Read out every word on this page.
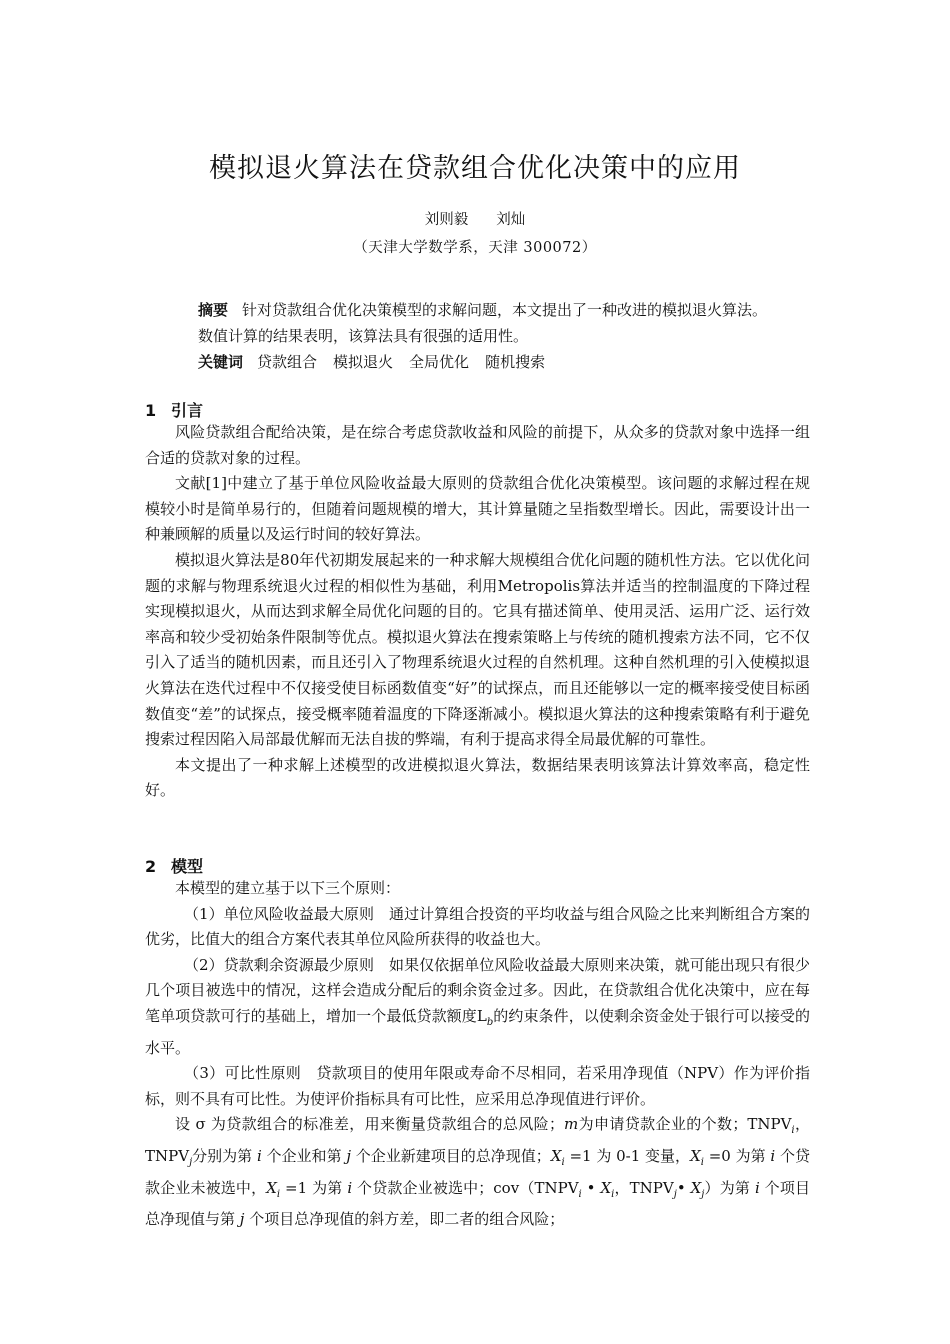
模拟退火算法在贷款组合优化决策中的应用
刘则毅 刘灿
（天津大学数学系，天津 300072）
摘要 针对贷款组合优化决策模型的求解问题，本文提出了一种改进的模拟退火算法。数值计算的结果表明，该算法具有很强的适用性。
关键词 贷款组合 模拟退火 全局优化 随机搜索
1 引言

风险贷款组合配给决策，是在综合考虑贷款收益和风险的前提下，从众多的贷款对象中选择一组合适的贷款对象的过程。

文献[1]中建立了基于单位风险收益最大原则的贷款组合优化决策模型。该问题的求解过程在规模较小时是简单易行的，但随着问题规模的增大，其计算量随之呈指数型增长。因此，需要设计出一种兼顾解的质量以及运行时间的较好算法。

模拟退火算法是80年代初期发展起来的一种求解大规模组合优化问题的随机性方法。它以优化问题的求解与物理系统退火过程的相似性为基础，利用Metropolis算法并适当的控制温度的下降过程实现模拟退火，从而达到求解全局优化问题的目的。它具有描述简单、使用灵活、运用广泛、运行效率高和较少受初始条件限制等优点。模拟退火算法在搜索策略上与传统的随机搜索方法不同，它不仅引入了适当的随机因素，而且还引入了物理系统退火过程的自然机理。这种自然机理的引入使模拟退火算法在迭代过程中不仅接受使目标函数值变“好”的试探点，而且还能够以一定的概率接受使目标函数值变“差”的试探点，接受概率随着温度的下降逐渐减小。模拟退火算法的这种搜索策略有利于避免搜索过程因陷入局部最优解而无法自拔的弊端，有利于提高求得全局最优解的可靠性。

本文提出了一种求解上述模型的改进模拟退火算法，数据结果表明该算法计算效率高，稳定性好。

2 模型

本模型的建立基于以下三个原则：

（1）单位风险收益最大原则　通过计算组合投资的平均收益与组合风险之比来判断组合方案的优劣，比值大的组合方案代表其单位风险所获得的收益也大。

（2）贷款剩余资源最少原则　如果仅依据单位风险收益最大原则来决策，就可能出现只有很少几个项目被选中的情况，这样会造成分配后的剩余资金过多。因此，在贷款组合优化决策中，应在每笔单项贷款可行的基础上，增加一个最低贷款额度$L_b$的约束条件，以使剩余资金处于银行可以接受的水平。

（3）可比性原则　贷款项目的使用年限或寿命不尽相同，若采用净现值（NPV）作为评价指标，则不具有可比性。为使评价指标具有可比性，应采用总净现值进行评价。

设 σ 为贷款组合的标准差，用来衡量贷款组合的总风险；m为申请贷款企业的个数；$TNPV_i$，$TNPV_j$分别为第 i 个企业和第 j 个企业新建项目的总净现值；$X_i =1$ 为 0-1 变量，$X_i =0$ 为第 i 个贷款企业未被选中，$X_i =1$ 为第 i 个贷款企业被选中；$cov(TNPV_i$ • $X_i$，$TNPV_j•$ $X_j$）为第 i 个项目总净现值与第 j 个项目总净现值的斜方差，即二者的组合风险；
